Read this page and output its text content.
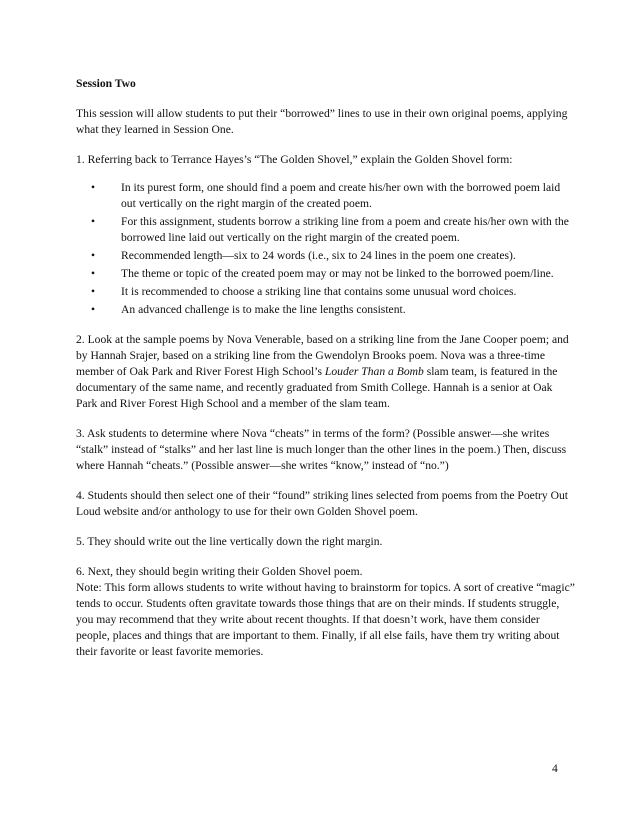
Session Two

This session will allow students to put their “borrowed” lines to use in their own original poems, applying what they learned in Session One.

1. Referring back to Terrance Hayes’s “The Golden Shovel,” explain the Golden Shovel form:

• In its purest form, one should find a poem and create his/her own with the borrowed poem laid out vertically on the right margin of the created poem.
• For this assignment, students borrow a striking line from a poem and create his/her own with the borrowed line laid out vertically on the right margin of the created poem.
• Recommended length—six to 24 words (i.e., six to 24 lines in the poem one creates).
• The theme or topic of the created poem may or may not be linked to the borrowed poem/line.
• It is recommended to choose a striking line that contains some unusual word choices.
• An advanced challenge is to make the line lengths consistent.

2. Look at the sample poems by Nova Venerable, based on a striking line from the Jane Cooper poem; and by Hannah Srajer, based on a striking line from the Gwendolyn Brooks poem. Nova was a three-time member of Oak Park and River Forest High School’s Louder Than a Bomb slam team, is featured in the documentary of the same name, and recently graduated from Smith College. Hannah is a senior at Oak Park and River Forest High School and a member of the slam team.

3. Ask students to determine where Nova “cheats” in terms of the form? (Possible answer—she writes “stalk” instead of “stalks” and her last line is much longer than the other lines in the poem.) Then, discuss where Hannah “cheats.” (Possible answer—she writes “know,” instead of “no.”)

4. Students should then select one of their “found” striking lines selected from poems from the Poetry Out Loud website and/or anthology to use for their own Golden Shovel poem.

5. They should write out the line vertically down the right margin.

6. Next, they should begin writing their Golden Shovel poem.

Note: This form allows students to write without having to brainstorm for topics. A sort of creative “magic” tends to occur. Students often gravitate towards those things that are on their minds. If students struggle, you may recommend that they write about recent thoughts. If that doesn’t work, have them consider people, places and things that are important to them. Finally, if all else fails, have them try writing about their favorite or least favorite memories.

4
